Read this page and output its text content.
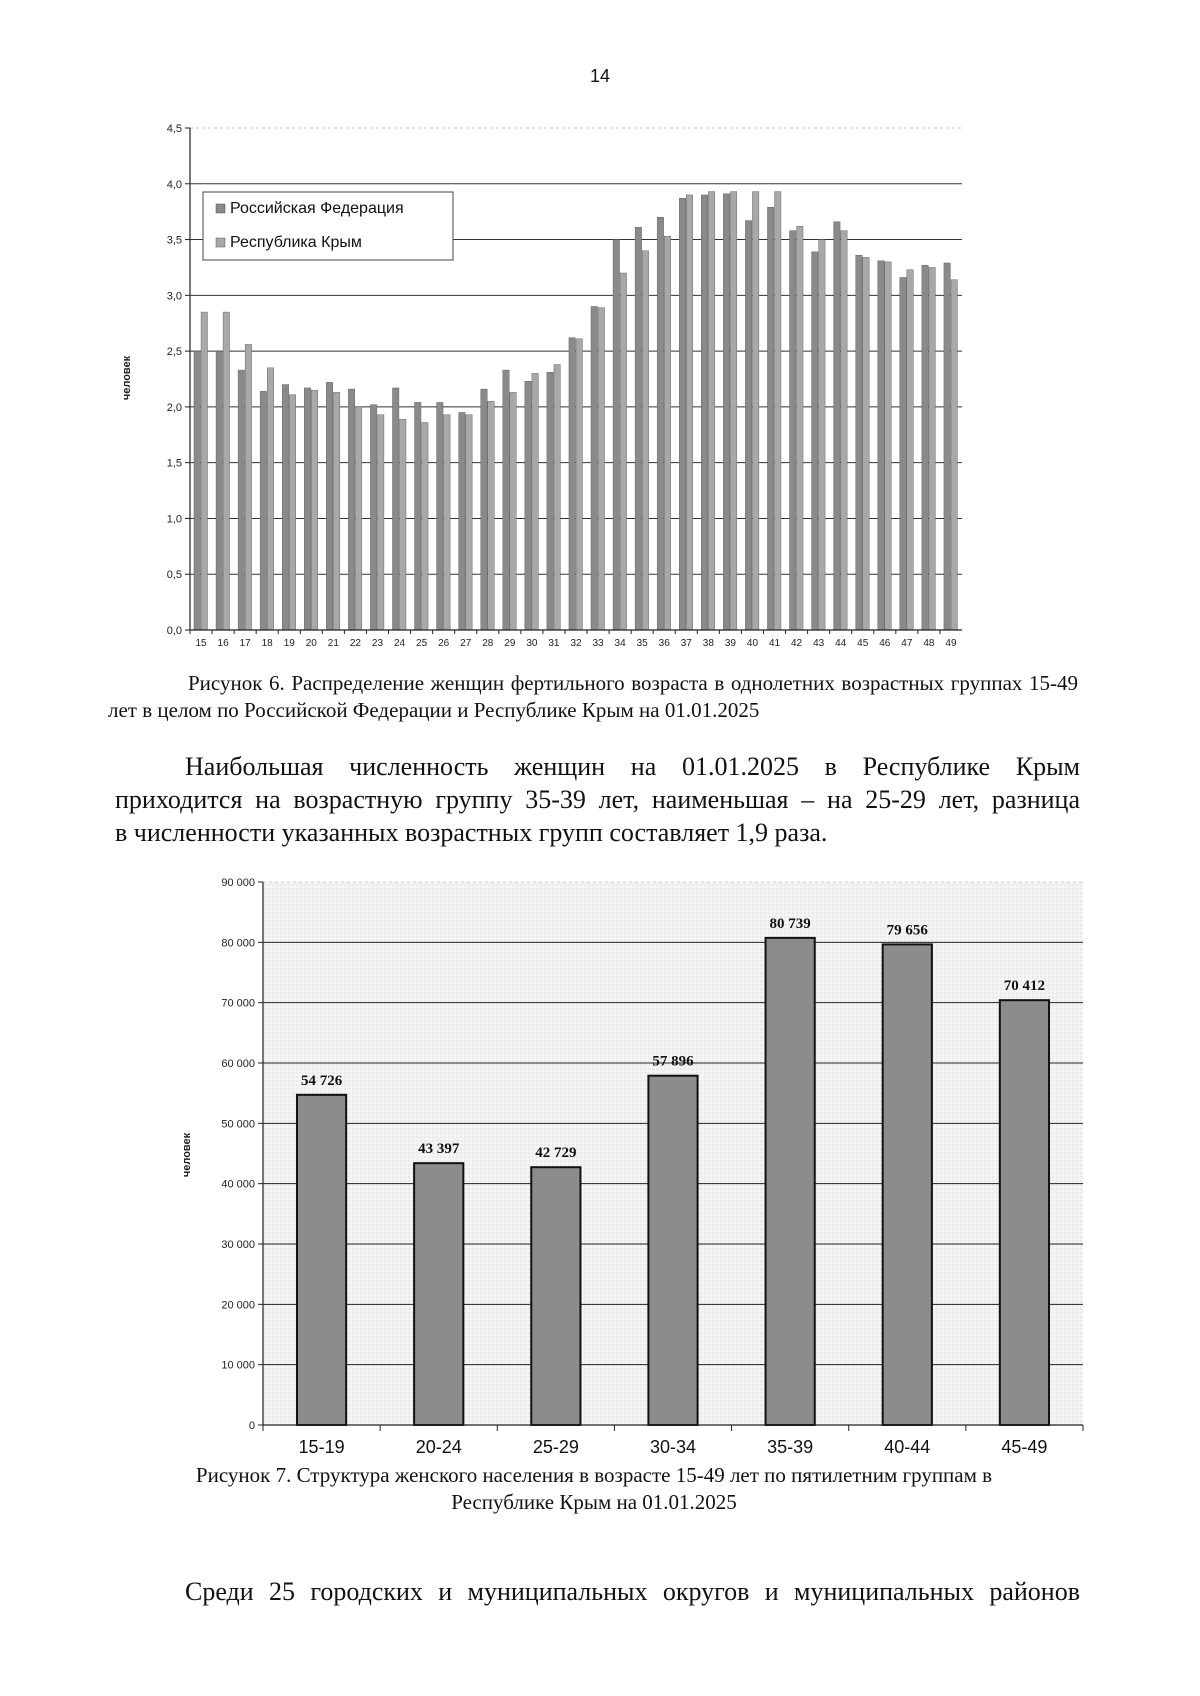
14
0,0
0,5
1,0
1,5
2,0
2,5
3,0
3,5
4,0
4,5
человек
15 16 17 18 19 20 21 22 23 24 25 26 27 28 29 30 31 32 33 34 35 36 37 38 39 40 41 42 43 44 45 46 47 48 49
Российская Федерация
Республика Крым
Рисунок 6. Распределение женщин фертильного возраста в однолетних возрастных группах 15-49 лет в целом по Российской Федерации и Республике Крым на 01.01.2025
Наибольшая численность женщин на 01.01.2025 в Республике Крым
приходится на возрастную группу 35-39 лет, наименьшая – на 25-29 лет, разница
в численности указанных возрастных групп составляет 1,9 раза.
54 726
43 397	42 729
57 896
80 739	79 656
70 412
0
10 000
20 000
30 000
40 000
50 000
60 000
70 000
80 000
90 000
человек
15-19	20-24	25-29	30-34	35-39	40-44	45-49
Рисунок 7. Структура женского населения в возрасте 15-49 лет по пятилетним группам в
Республике Крым на 01.01.2025
Среди 25 городских и муниципальных округов и муниципальных районов
